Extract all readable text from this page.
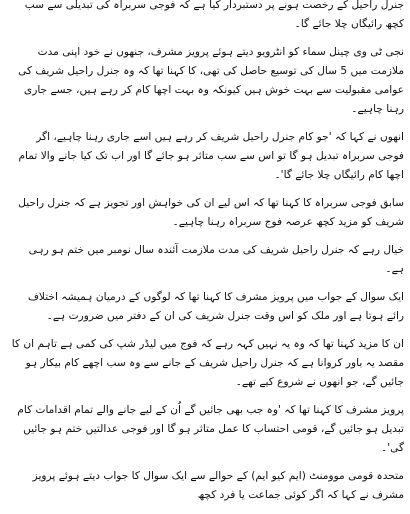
جنرل راحیل کے رخصت ہونے پر دستبردار کیا ہے کہ فوجی سربراہ کی تبدیلی سے سب کچھ رائیگاں چلا جائے گا۔

نجی ٹی وی چینل سماء کو انٹرویو دیتے ہوئے پرویز مشرف، جنھوں نے خود اپنی مدت ملازمت میں 5 سال کی توسیع حاصل کی تھی، کا کہنا تھا کہ وہ جنرل راحیل شریف کی عوامی مقبولیت سے بہت خوش ہیں کیونکہ وہ بہت اچھا کام کر رہے ہیں، جسے جاری رہنا چاہیے۔

انھوں نے کہا کہ 'جو کام جنرل راحیل شریف کر رہے ہیں اسے جاری رہنا چاہیے، اگر فوجی سربراہ تبدیل ہو گا تو اس سے سب متاثر ہو جائے گا اور اب تک کیا جانے والا تمام اچھا کام رائیگاں چلا جائے گا'۔

سابق فوجی سربراہ کا کہنا تھا کہ اس لیے ان کی خواہش اور تجویز ہے کہ جنرل راحیل شریف کو مزید کچھ عرصہ فوج سربراہ رہنا چاہیے۔

خیال رہے کہ جنرل راحیل شریف کی مدت ملازمت آئندہ سال نومبر میں ختم ہو رہی ہے۔

ایک سوال کے جواب میں پرویز مشرف کا کہنا تھا کہ لوگوں کے درمیان ہمیشہ اختلاف رائے ہوتا ہے اور ملک کو اس وقت جنرل شریف کی ان کے دفتر میں ضرورت ہے۔

ان کا مزید کہنا تھا کہ وہ یہ نہیں کہہ رہے کہ فوج میں لیڈر شپ کی کمی ہے تاہم ان کا مقصد یہ باور کروانا ہے کہ جنرل راحیل شریف کے جانے سے وہ سب اچھے کام بیکار ہو جائیں گے، جو انھوں نے شروع کیے تھے۔

پرویز مشرف کا کہنا تھا کہ 'وہ جب بھی جائیں گے اُن کے لیے جانے والے تمام اقدامات کام تبدیل ہو جائیں گے، قومی احتساب کا عمل متاثر ہو گا اور فوجی عدالتیں ختم ہو جائیں گی'۔

متحدہ قومی موومنٹ (ایم کیو ایم) کے حوالے سے ایک سوال کا جواب دیتے ہوئے پرویز مشرف نے کہا کہ اگر کوئی جماعت یا فرد کچھ
